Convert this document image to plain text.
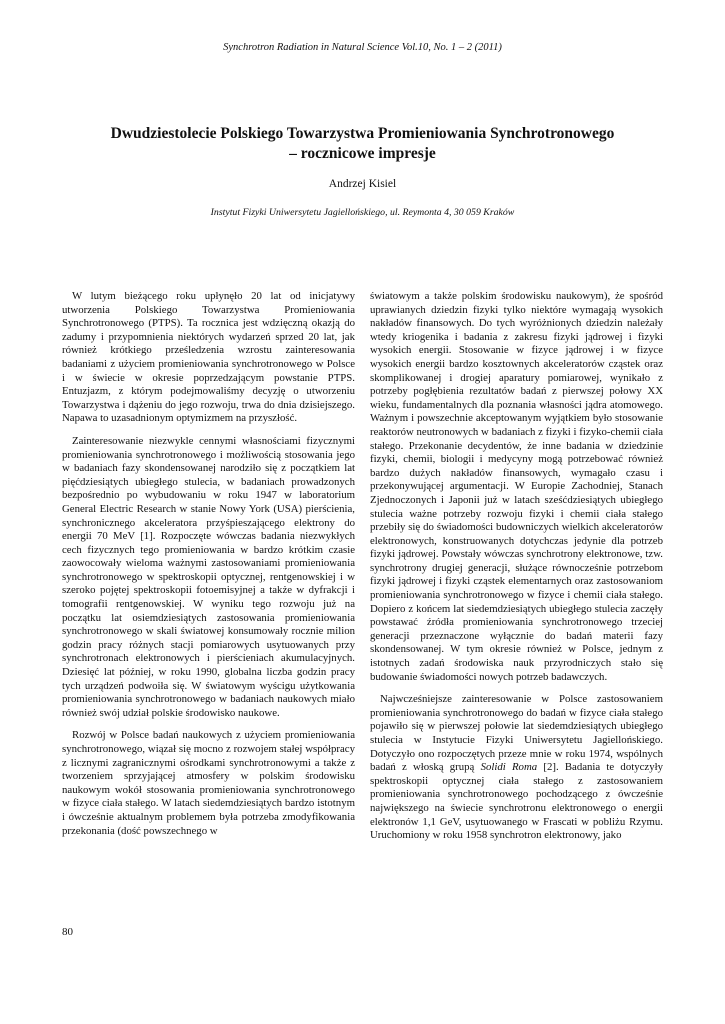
Synchrotron Radiation in Natural Science Vol.10, No. 1 – 2 (2011)
Dwudziestolecie Polskiego Towarzystwa Promieniowania Synchrotronowego
– rocznicowe impresje
Andrzej Kisiel
Instytut Fizyki Uniwersytetu Jagiellońskiego, ul. Reymonta 4, 30 059 Kraków

W lutym bieżącego roku upłynęło 20 lat od inicjatywy utworzenia Polskiego Towarzystwa Promieniowania Synchrotronowego (PTPS). Ta rocznica jest wdzięczną okazją do zadumy i przypomnienia niektórych wydarzeń sprzed 20 lat, jak również krótkiego prześledzenia wzrostu zainteresowania badaniami z użyciem promieniowania synchrotronowego w Polsce i w świecie w okresie poprzedzającym powstanie PTPS. Entuzjazm, z którym podejmowaliśmy decyzję o utworzeniu Towarzystwa i dążeniu do jego rozwoju, trwa do dnia dzisiejszego. Napawa to uzasadnionym optymizmem na przyszłość.

Zainteresowanie niezwykle cennymi własnościami fizycznymi promieniowania synchrotronowego i możliwością stosowania jego w badaniach fazy skondensowanej narodziło się z początkiem lat pięćdziesiątych ubiegłego stulecia, w badaniach prowadzonych bezpośrednio po wybudowaniu w roku 1947 w laboratorium General Electric Research w stanie Nowy York (USA) pierścienia, synchronicznego akceleratora przyśpieszającego elektrony do energii 70 MeV [1]. Rozpoczęte wówczas badania niezwykłych cech fizycznych tego promieniowania w bardzo krótkim czasie zaowocowały wieloma ważnymi zastosowaniami promieniowania synchrotronowego w spektroskopii optycznej, rentgenowskiej i w szeroko pojętej spektroskopii fotoemisyjnej a także w dyfrakcji i tomografii rentgenowskiej. W wyniku tego rozwoju już na początku lat osiemdziesiątych zastosowania promieniowania synchrotronowego w skali światowej konsumowały rocznie milion godzin pracy różnych stacji pomiarowych usytuowanych przy synchrotronach elektronowych i pierścieniach akumulacyjnych. Dziesięć lat później, w roku 1990, globalna liczba godzin pracy tych urządzeń podwoiła się. W światowym wyścigu użytkowania promieniowania synchrotronowego w badaniach naukowych miało również swój udział polskie środowisko naukowe.

Rozwój w Polsce badań naukowych z użyciem promieniowania synchrotronowego, wiązał się mocno z rozwojem stałej współpracy z licznymi zagranicznymi ośrodkami synchrotronowymi a także z tworzeniem sprzyjającej atmosfery w polskim środowisku naukowym wokół stosowania promieniowania synchrotronowego w fizyce ciała stałego. W latach siedemdziesiątych bardzo istotnym i ówcześnie aktualnym problemem była potrzeba zmodyfikowania przekonania (dość powszechnego w

światowym a także polskim środowisku naukowym), że spośród uprawianych dziedzin fizyki tylko niektóre wymagają wysokich nakładów finansowych. Do tych wyróżnionych dziedzin należały wtedy kriogenika i badania z zakresu fizyki jądrowej i fizyki wysokich energii. Stosowanie w fizyce jądrowej i w fizyce wysokich energii bardzo kosztownych akceleratorów cząstek oraz skomplikowanej i drogiej aparatury pomiarowej, wynikało z potrzeby pogłębienia rezultatów badań z pierwszej połowy XX wieku, fundamentalnych dla poznania własności jądra atomowego. Ważnym i powszechnie akceptowanym wyjątkiem było stosowanie reaktorów neutronowych w badaniach z fizyki i fizyko-chemii ciała stałego. Przekonanie decydentów, że inne badania w dziedzinie fizyki, chemii, biologii i medycyny mogą potrzebować również bardzo dużych nakładów finansowych, wymagało czasu i przekonywującej argumentacji. W Europie Zachodniej, Stanach Zjednoczonych i Japonii już w latach sześćdziesiątych ubiegłego stulecia ważne potrzeby rozwoju fizyki i chemii ciała stałego przebiły się do świadomości budowniczych wielkich akceleratorów elektronowych, konstruowanych dotychczas jedynie dla potrzeb fizyki jądrowej. Powstały wówczas synchrotrony elektronowe, tzw. synchrotrony drugiej generacji, służące równocześnie potrzebom fizyki jądrowej i fizyki cząstek elementarnych oraz zastosowaniom promieniowania synchrotronowego w fizyce i chemii ciała stałego. Dopiero z końcem lat siedemdziesiątych ubiegłego stulecia zaczęły powstawać źródła promieniowania synchrotronowego trzeciej generacji przeznaczone wyłącznie do badań materii fazy skondensowanej. W tym okresie również w Polsce, jednym z istotnych zadań środowiska nauk przyrodniczych stało się budowanie świadomości nowych potrzeb badawczych.

Najwcześniejsze zainteresowanie w Polsce zastosowaniem promieniowania synchrotronowego do badań w fizyce ciała stałego pojawiło się w pierwszej połowie lat siedemdziesiątych ubiegłego stulecia w Instytucie Fizyki Uniwersytetu Jagiellońskiego. Dotyczyło ono rozpoczętych przeze mnie w roku 1974, wspólnych badań z włoską grupą Solidi Roma [2]. Badania te dotyczyły spektroskopii optycznej ciała stałego z zastosowaniem promieniowania synchrotronowego pochodzącego z ówcześnie największego na świecie synchrotronu elektronowego o energii elektronów 1,1 GeV, usytuowanego w Frascati w pobliżu Rzymu. Uruchomiony w roku 1958 synchrotron elektronowy, jako

80
